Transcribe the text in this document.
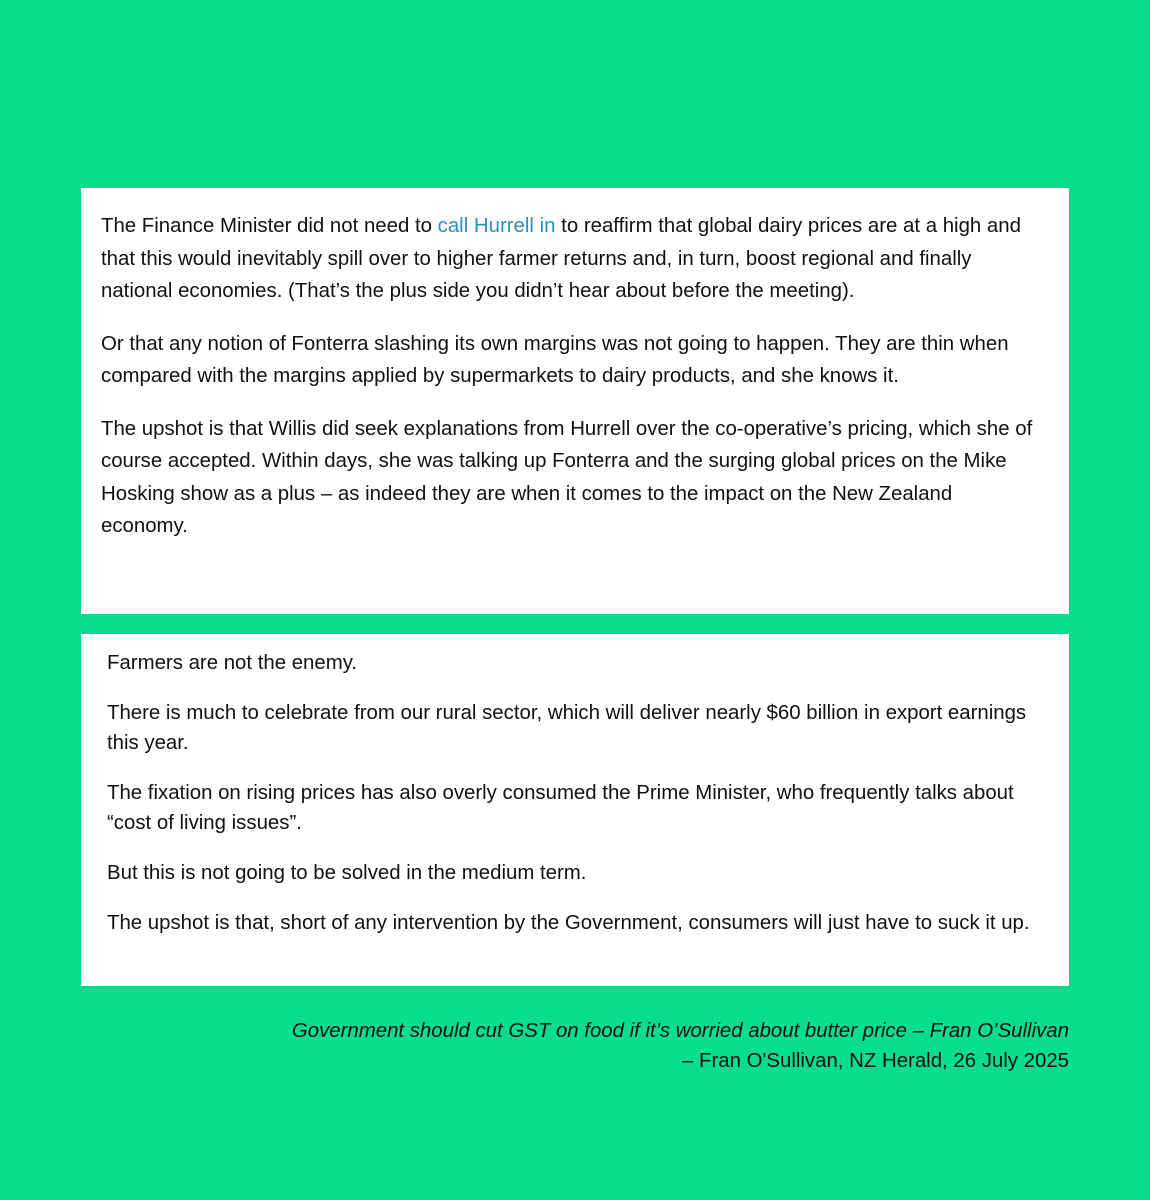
The Finance Minister did not need to call Hurrell in to reaffirm that global dairy prices are at a high and that this would inevitably spill over to higher farmer returns and, in turn, boost regional and finally national economies. (That’s the plus side you didn’t hear about before the meeting).

Or that any notion of Fonterra slashing its own margins was not going to happen. They are thin when compared with the margins applied by supermarkets to dairy products, and she knows it.

The upshot is that Willis did seek explanations from Hurrell over the co-operative’s pricing, which she of course accepted. Within days, she was talking up Fonterra and the surging global prices on the Mike Hosking show as a plus – as indeed they are when it comes to the impact on the New Zealand economy.

Farmers are not the enemy.

There is much to celebrate from our rural sector, which will deliver nearly $60 billion in export earnings this year.

The fixation on rising prices has also overly consumed the Prime Minister, who frequently talks about “cost of living issues”.

But this is not going to be solved in the medium term.

The upshot is that, short of any intervention by the Government, consumers will just have to suck it up.

Government should cut GST on food if it’s worried about butter price – Fran O’Sullivan
– Fran O'Sullivan, NZ Herald, 26 July 2025
